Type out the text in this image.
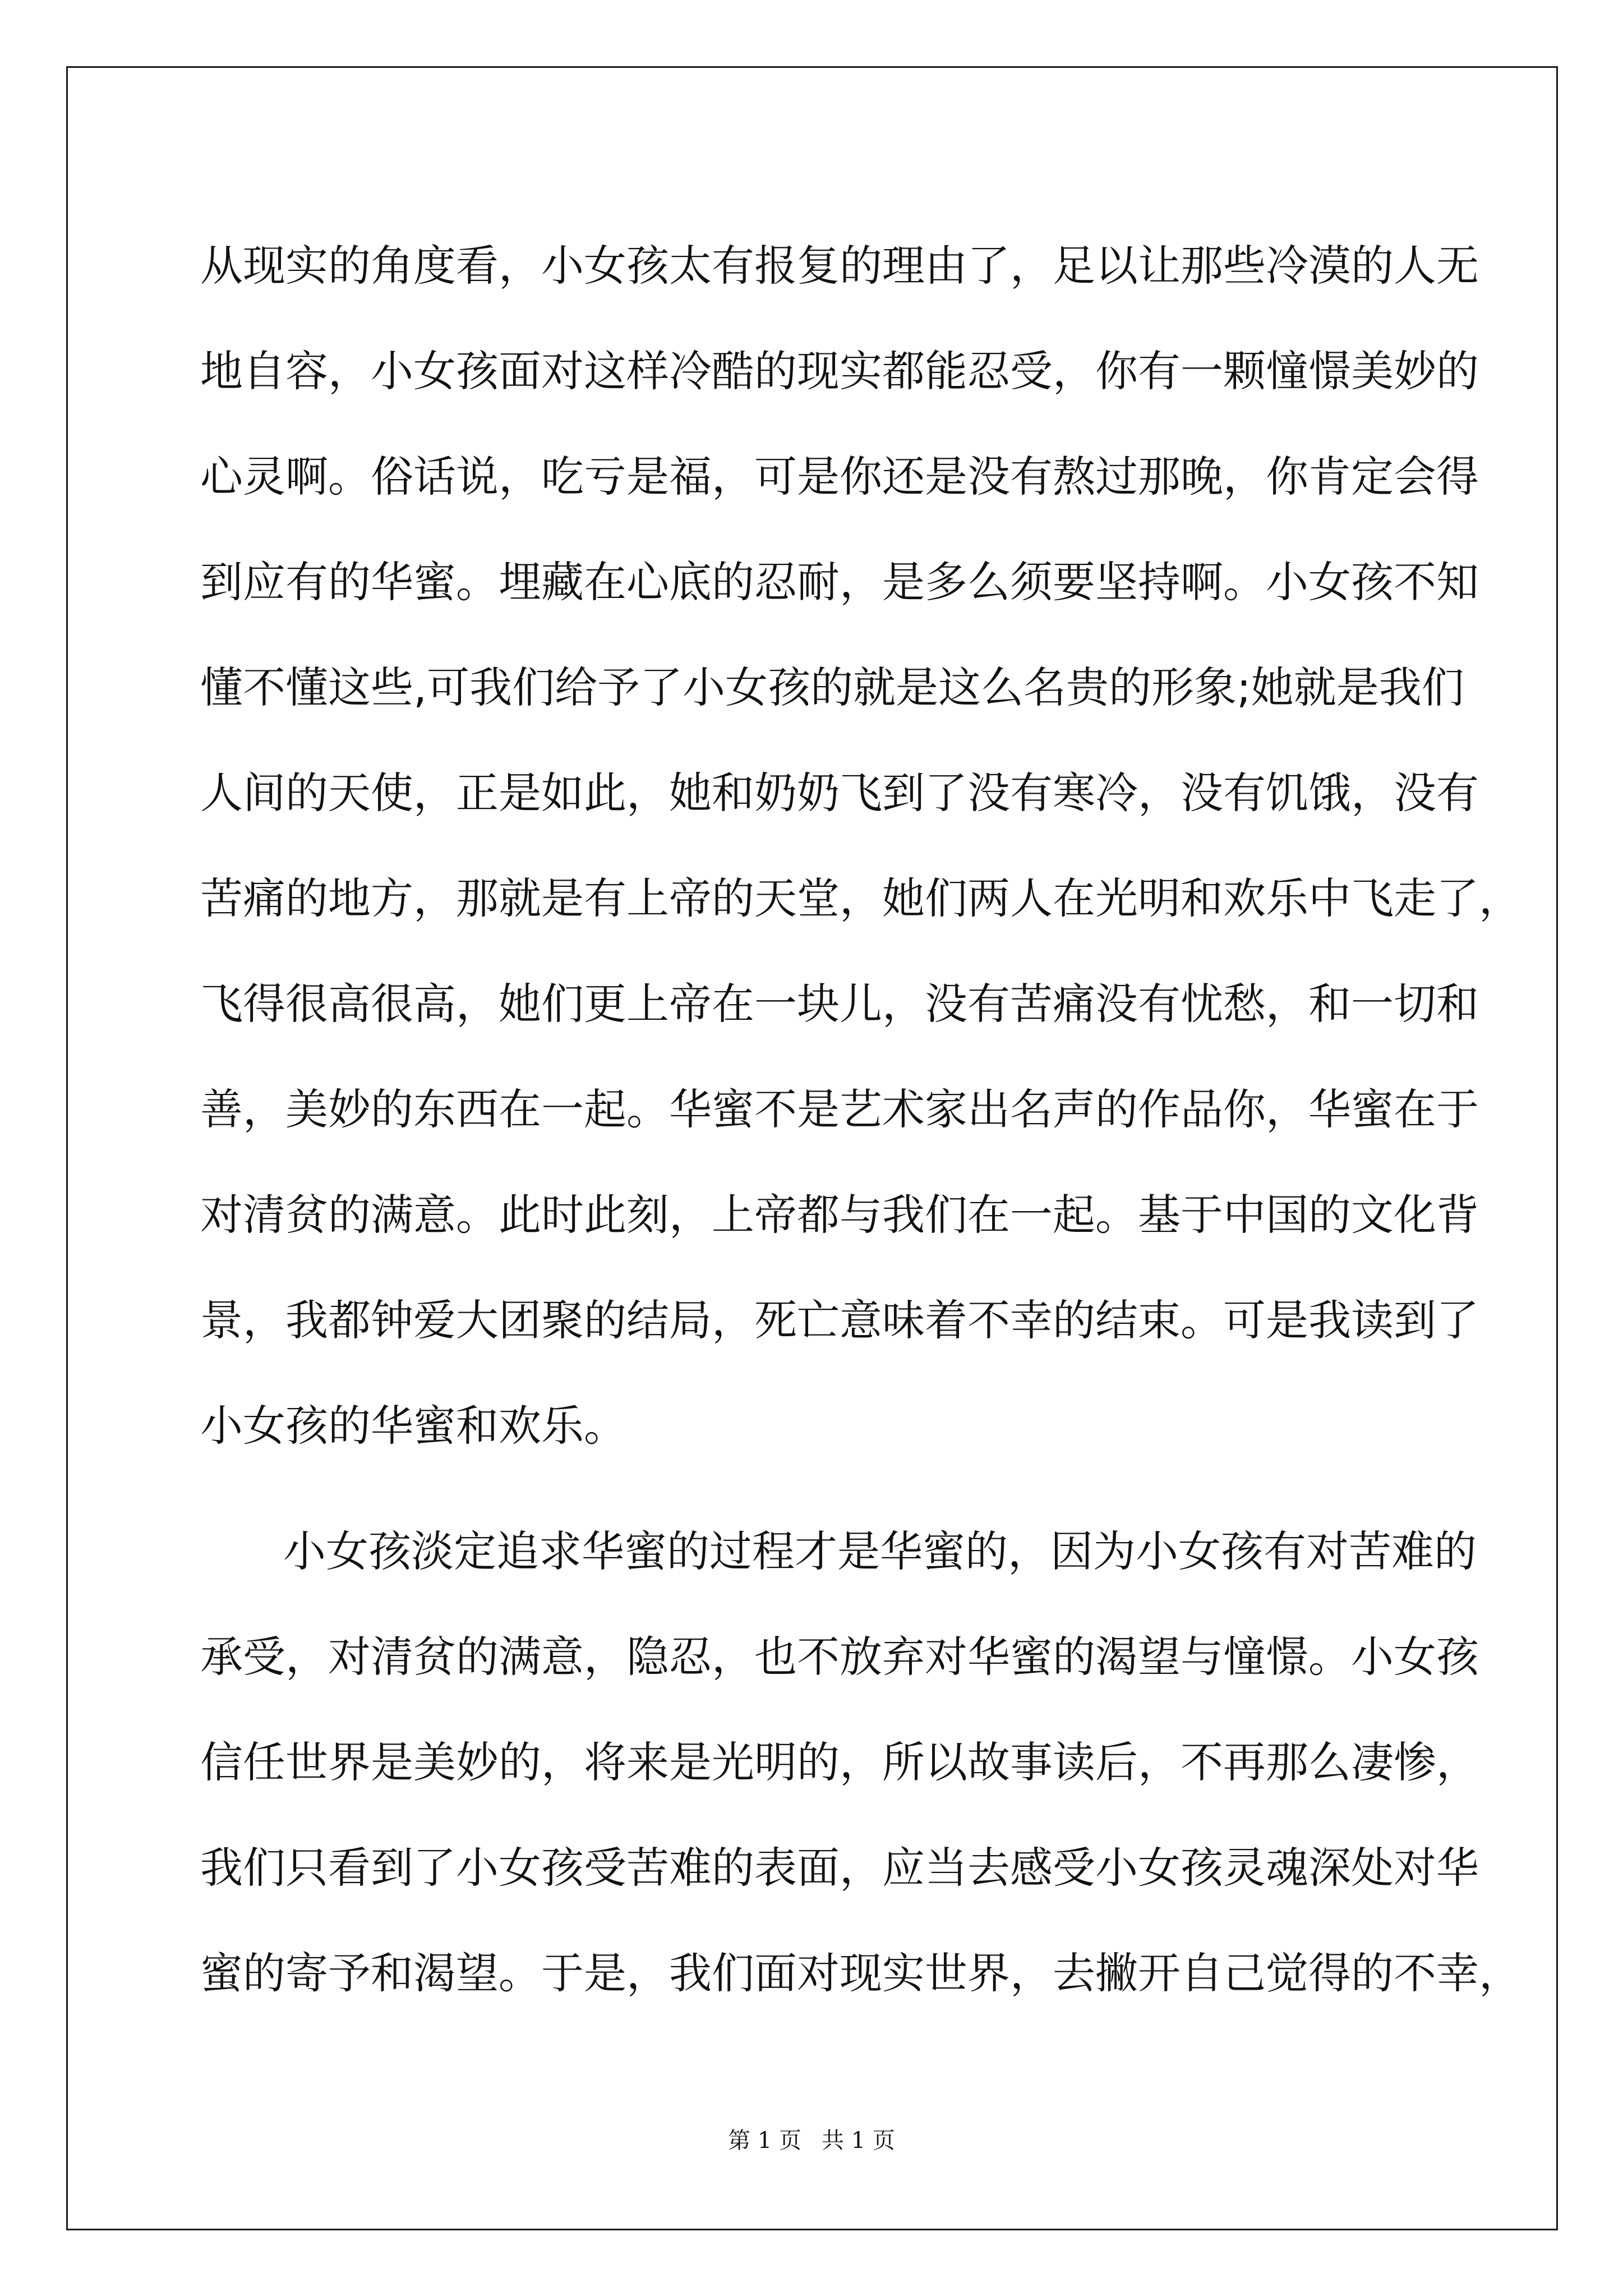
从现实的角度看，小女孩太有报复的理由了，足以让那些冷漠的人无
地自容，小女孩面对这样冷酷的现实都能忍受，你有一颗憧憬美妙的
心灵啊。俗话说，吃亏是福，可是你还是没有熬过那晚，你肯定会得
到应有的华蜜。埋藏在心底的忍耐，是多么须要坚持啊。小女孩不知
懂不懂这些,可我们给予了小女孩的就是这么名贵的形象;她就是我们
人间的天使，正是如此，她和奶奶飞到了没有寒冷，没有饥饿，没有
苦痛的地方，那就是有上帝的天堂，她们两人在光明和欢乐中飞走了，
飞得很高很高，她们更上帝在一块儿，没有苦痛没有忧愁，和一切和
善，美妙的东西在一起。华蜜不是艺术家出名声的作品你，华蜜在于
对清贫的满意。此时此刻，上帝都与我们在一起。基于中国的文化背
景，我都钟爱大团聚的结局，死亡意味着不幸的结束。可是我读到了
小女孩的华蜜和欢乐。
小女孩淡定追求华蜜的过程才是华蜜的，因为小女孩有对苦难的
承受，对清贫的满意，隐忍，也不放弃对华蜜的渴望与憧憬。小女孩
信任世界是美妙的，将来是光明的，所以故事读后，不再那么凄惨，
我们只看到了小女孩受苦难的表面，应当去感受小女孩灵魂深处对华
蜜的寄予和渴望。于是，我们面对现实世界，去撇开自己觉得的不幸，
第 1 页 共 1 页
